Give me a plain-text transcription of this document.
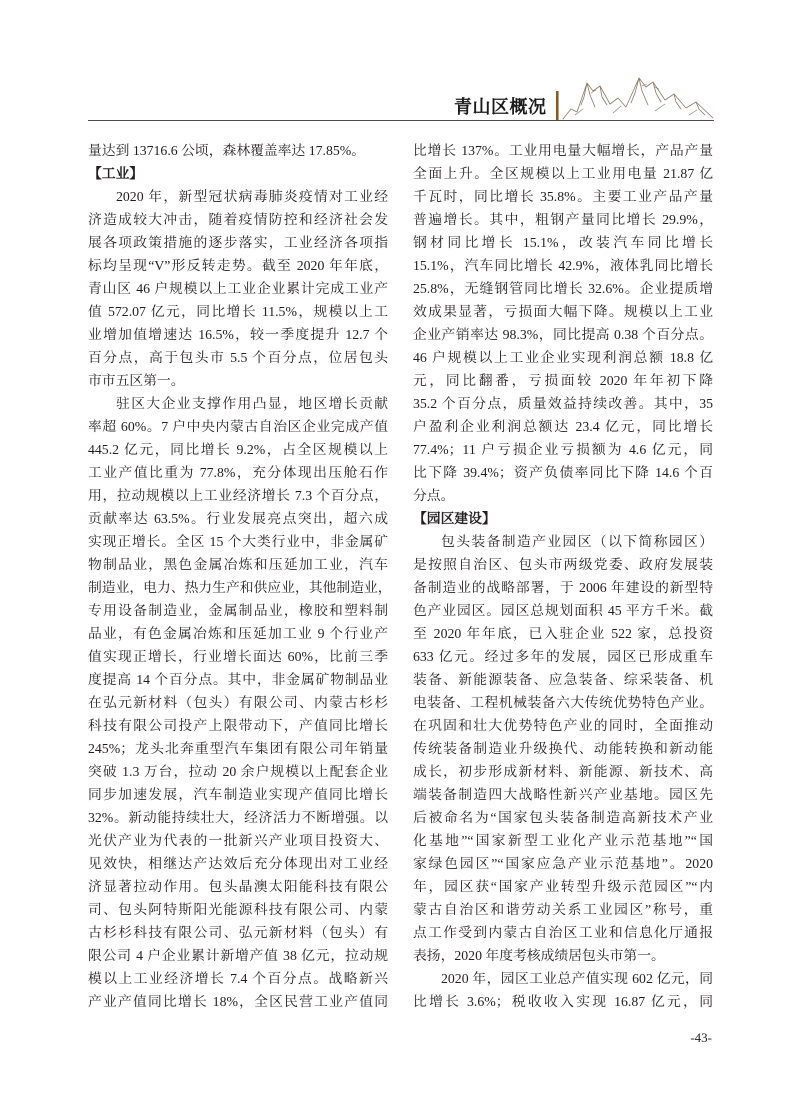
青山区概况
量达到 13716.6 公顷，森林覆盖率达 17.85%。
【工业】
2020 年，新型冠状病毒肺炎疫情对工业经
济造成较大冲击，随着疫情防控和经济社会发
展各项政策措施的逐步落实，工业经济各项指
标均呈现“V”形反转走势。截至 2020 年年底，
青山区 46 户规模以上工业企业累计完成工业产
值 572.07 亿元，同比增长 11.5%，规模以上工
业增加值增速达 16.5%，较一季度提升 12.7 个
百分点，高于包头市 5.5 个百分点，位居包头
市市五区第一。
驻区大企业支撑作用凸显，地区增长贡献
率超 60%。7 户中央内蒙古自治区企业完成产值
445.2 亿元，同比增长 9.2%，占全区规模以上
工业产值比重为 77.8%，充分体现出压舱石作
用，拉动规模以上工业经济增长 7.3 个百分点，
贡献率达 63.5%。行业发展亮点突出，超六成
实现正增长。全区 15 个大类行业中，非金属矿
物制品业，黑色金属冶炼和压延加工业，汽车
制造业，电力、热力生产和供应业，其他制造业，
专用设备制造业，金属制品业，橡胶和塑料制
品业，有色金属冶炼和压延加工业 9 个行业产
值实现正增长，行业增长面达 60%，比前三季
度提高 14 个百分点。其中，非金属矿物制品业
在弘元新材料（包头）有限公司、内蒙古杉杉
科技有限公司投产上限带动下，产值同比增长
245%；龙头北奔重型汽车集团有限公司年销量
突破 1.3 万台，拉动 20 余户规模以上配套企业
同步加速发展，汽车制造业实现产值同比增长
32%。新动能持续壮大，经济活力不断增强。以
光伏产业为代表的一批新兴产业项目投资大、
见效快，相继达产达效后充分体现出对工业经
济显著拉动作用。包头晶澳太阳能科技有限公
司、包头阿特斯阳光能源科技有限公司、内蒙
古杉杉科技有限公司、弘元新材料（包头）有
限公司 4 户企业累计新增产值 38 亿元，拉动规
模以上工业经济增长 7.4 个百分点。战略新兴
产业产值同比增长 18%，全区民营工业产值同
比增长 137%。工业用电量大幅增长，产品产量
全面上升。全区规模以上工业用电量 21.87 亿
千瓦时，同比增长 35.8%。主要工业产品产量
普遍增长。其中，粗钢产量同比增长 29.9%，
钢材同比增长 15.1%，改装汽车同比增长
15.1%，汽车同比增长 42.9%，液体乳同比增长
25.8%，无缝钢管同比增长 32.6%。企业提质增
效成果显著，亏损面大幅下降。规模以上工业
企业产销率达 98.3%，同比提高 0.38 个百分点。
46 户规模以上工业企业实现利润总额 18.8 亿
元，同比翻番，亏损面较 2020 年年初下降
35.2 个百分点，质量效益持续改善。其中，35
户盈利企业利润总额达 23.4 亿元，同比增长
77.4%；11 户亏损企业亏损额为 4.6 亿元，同
比下降 39.4%；资产负债率同比下降 14.6 个百
分点。
【园区建设】
包头装备制造产业园区（以下简称园区）
是按照自治区、包头市两级党委、政府发展装
备制造业的战略部署，于 2006 年建设的新型特
色产业园区。园区总规划面积 45 平方千米。截
至 2020 年年底，已入驻企业 522 家，总投资
633 亿元。经过多年的发展，园区已形成重车
装备、新能源装备、应急装备、综采装备、机
电装备、工程机械装备六大传统优势特色产业。
在巩固和壮大优势特色产业的同时，全面推动
传统装备制造业升级换代、动能转换和新动能
成长，初步形成新材料、新能源、新技术、高
端装备制造四大战略性新兴产业基地。园区先
后被命名为“国家包头装备制造高新技术产业
化基地”“国家新型工业化产业示范基地”“国
家绿色园区”“国家应急产业示范基地”。2020
年，园区获“国家产业转型升级示范园区”“内
蒙古自治区和谐劳动关系工业园区”称号，重
点工作受到内蒙古自治区工业和信息化厅通报
表扬，2020 年度考核成绩居包头市第一。
2020 年，园区工业总产值实现 602 亿元，同
比增长 3.6%；税收收入实现 16.87 亿元，同
-43-
